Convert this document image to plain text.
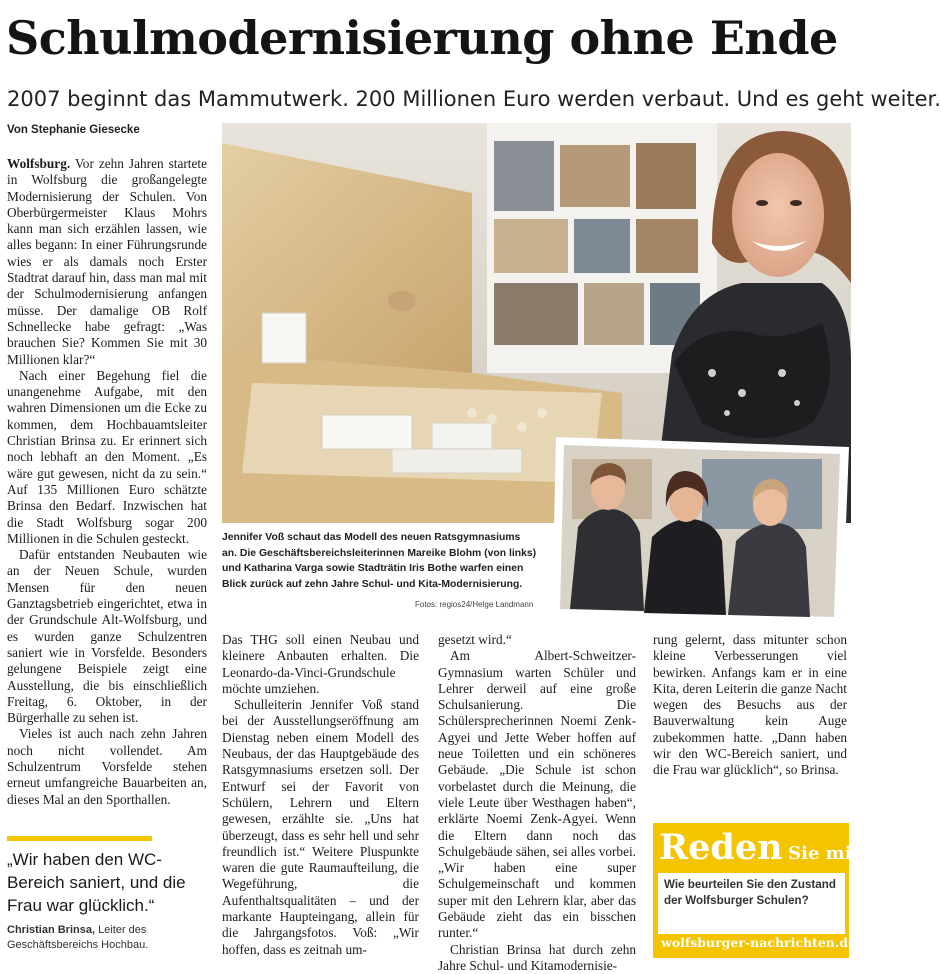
Schulmodernisierung ohne Ende
2007 beginnt das Mammutwerk. 200 Millionen Euro werden verbaut. Und es geht weiter.
Von Stephanie Giesecke

Wolfsburg. Vor zehn Jahren startete in Wolfsburg die großangelegte Modernisierung der Schulen. Von Oberbürgermeister Klaus Mohrs kann man sich erzählen lassen, wie alles begann: In einer Führungsrunde wies er als damals noch Erster Stadtrat darauf hin, dass man mal mit der Schulmodernisierung anfangen müsse. Der damalige OB Rolf Schnellecke habe gefragt: „Was brauchen Sie? Kommen Sie mit 30 Millionen klar?“

Nach einer Begehung fiel die unangenehme Aufgabe, mit den wahren Dimensionen um die Ecke zu kommen, dem Hochbauamtsleiter Christian Brinsa zu. Er erinnert sich noch lebhaft an den Moment. „Es wäre gut gewesen, nicht da zu sein.“ Auf 135 Millionen Euro schätzte Brinsa den Bedarf. Inzwischen hat die Stadt Wolfsburg sogar 200 Millionen in die Schulen gesteckt.

Dafür entstanden Neubauten wie an der Neuen Schule, wurden Mensen für den neuen Ganztagsbetrieb eingerichtet, etwa in der Grundschule Alt-Wolfsburg, und es wurden ganze Schulzentren saniert wie in Vorsfelde. Besonders gelungene Beispiele zeigt eine Ausstellung, die bis einschließlich Freitag, 6. Oktober, in der Bürgerhalle zu sehen ist.

Vieles ist auch nach zehn Jahren noch nicht vollendet. Am Schulzentrum Vorsfelde stehen erneut umfangreiche Bauarbeiten an, dieses Mal an den Sporthallen.

Jennifer Voß schaut das Modell des neuen Ratsgymnasiums an. Die Geschäftsbereichsleiterinnen Mareike Blohm (von links) und Katharina Varga sowie Stadträtin Iris Bothe warfen einen Blick zurück auf zehn Jahre Schul- und Kita-Modernisierung.
Fotos: regios24/Helge Landmann

Das THG soll einen Neubau und kleinere Anbauten erhalten. Die Leonardo-da-Vinci-Grundschule möchte umziehen.

Schulleiterin Jennifer Voß stand bei der Ausstellungseröffnung am Dienstag neben einem Modell des Neubaus, der das Hauptgebäude des Ratsgymnasiums ersetzen soll. Der Entwurf sei der Favorit von Schülern, Lehrern und Eltern gewesen, erzählte sie. „Uns hat überzeugt, dass es sehr hell und sehr freundlich ist.“ Weitere Pluspunkte waren die gute Raumaufteilung, die Wegeführung, die Aufenthaltsqualitäten – und der markante Haupteingang, allein für die Jahrgangsfotos. Voß: „Wir hoffen, dass es zeitnah um-

gesetzt wird.“

Am Albert-Schweitzer-Gymnasium warten Schüler und Lehrer derweil auf eine große Schulsanierung. Die Schülersprecherinnen Noemi Zenk-Agyei und Jette Weber hoffen auf neue Toiletten und ein schöneres Gebäude. „Die Schule ist schon vorbelastet durch die Meinung, die viele Leute über Westhagen haben“, erklärte Noemi Zenk-Agyei. Wenn die Eltern dann noch das Schulgebäude sähen, sei alles vorbei. „Wir haben eine super Schulgemeinschaft und kommen super mit den Lehrern klar, aber das Gebäude zieht das ein bisschen runter.“

Christian Brinsa hat durch zehn Jahre Schul- und Kitamodernisie-

rung gelernt, dass mitunter schon kleine Verbesserungen viel bewirken. Anfangs kam er in eine Kita, deren Leiterin die ganze Nacht wegen des Besuchs aus der Bauverwaltung kein Auge zubekommen hatte. „Dann haben wir den WC-Bereich saniert, und die Frau war glücklich“, so Brinsa.

„Wir haben den WC-Bereich saniert, und die Frau war glücklich.“
Christian Brinsa, Leiter des Geschäftsbereichs Hochbau.
Reden Sie mit!
Wie beurteilen Sie den Zustand der Wolfsburger Schulen?
wolfsburger-nachrichten.de
